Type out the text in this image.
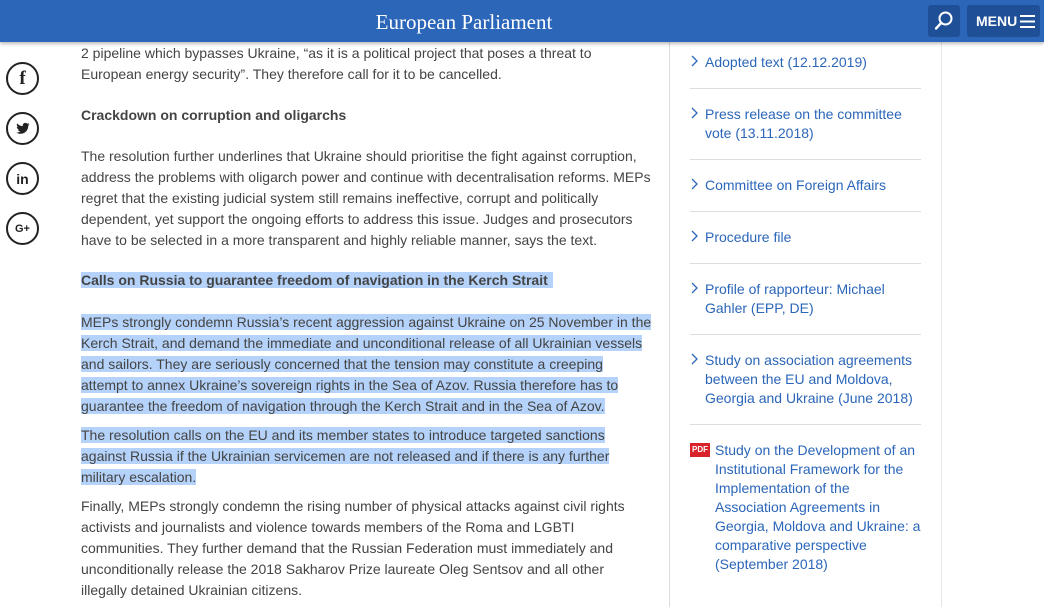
European Parliament	MENU
f
in
G+

2 pipeline which bypasses Ukraine, “as it is a political project that poses a threat to

European energy security”. They therefore call for it to be cancelled.

Crackdown on corruption and oligarchs
The resolution further underlines that Ukraine should prioritise the fight against corruption, address the problems with oligarch power and continue with decentralisation reforms. MEPs regret that the existing judicial system still remains ineffective, corrupt and politically dependent, yet support the ongoing efforts to address this issue. Judges and prosecutors have to be selected in a more transparent and highly reliable manner, says the text.
Calls on Russia to guarantee freedom of navigation in the Kerch Strait
MEPs strongly condemn Russia’s recent aggression against Ukraine on 25 November in the Kerch Strait, and demand the immediate and unconditional release of all Ukrainian vessels and sailors. They are seriously concerned that the tension may constitute a creeping attempt to annex Ukraine’s sovereign rights in the Sea of Azov. Russia therefore has to guarantee the freedom of navigation through the Kerch Strait and in the Sea of Azov.
The resolution calls on the EU and its member states to introduce targeted sanctions against Russia if the Ukrainian servicemen are not released and if there is any further military escalation.
Finally, MEPs strongly condemn the rising number of physical attacks against civil rights activists and journalists and violence towards members of the Roma and LGBTI communities. They further demand that the Russian Federation must immediately and unconditionally release the 2018 Sakharov Prize laureate Oleg Sentsov and all other illegally detained Ukrainian citizens.
Adopted text (12.12.2019)
Press release on the committee vote (13.11.2018)
Committee on Foreign Affairs
Procedure file
Profile of rapporteur: Michael Gahler (EPP, DE)
Study on association agreements between the EU and Moldova, Georgia and Ukraine (June 2018)
PDF Study on the Development of an Institutional Framework for the Implementation of the Association Agreements in Georgia, Moldova and Ukraine: a comparative perspective (September 2018)
